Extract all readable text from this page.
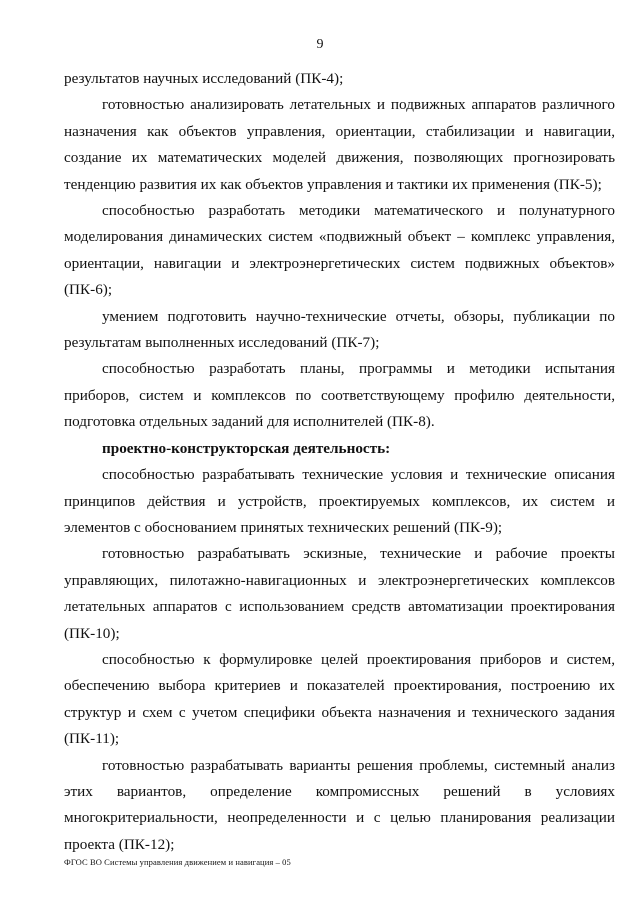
9

результатов научных исследований (ПК-4);

готовностью анализировать летательных и подвижных аппаратов различного назначения как объектов управления, ориентации, стабилизации и навигации, создание их математических моделей движения, позволяющих прогнозировать тенденцию развития их как объектов управления и тактики их применения (ПК-5);

способностью разработать методики математического и полунатурного моделирования динамических систем «подвижный объект – комплекс управления, ориентации, навигации и электроэнергетических систем подвижных объектов» (ПК-6);

умением подготовить научно-технические отчеты, обзоры, публикации по результатам выполненных исследований (ПК-7);

способностью разработать планы, программы и методики испытания приборов, систем и комплексов по соответствующему профилю деятельности, подготовка отдельных заданий для исполнителей (ПК-8).

проектно-конструкторская деятельность:

способностью разрабатывать технические условия и технические описания принципов действия и устройств, проектируемых комплексов, их систем и элементов с обоснованием принятых технических решений (ПК-9);

готовностью разрабатывать эскизные, технические и рабочие проекты управляющих, пилотажно-навигационных и электроэнергетических комплексов летательных аппаратов с использованием средств автоматизации проектирования (ПК-10);

способностью к формулировке целей проектирования приборов и систем, обеспечению выбора критериев и показателей проектирования, построению их структур и схем с учетом специфики объекта назначения и технического задания (ПК-11);

готовностью разрабатывать варианты решения проблемы, системный анализ этих вариантов, определение компромиссных решений в условиях многокритериальности, неопределенности и с целью планирования реализации проекта (ПК-12);

ФГОС ВО Системы управления движением и навигация – 05
